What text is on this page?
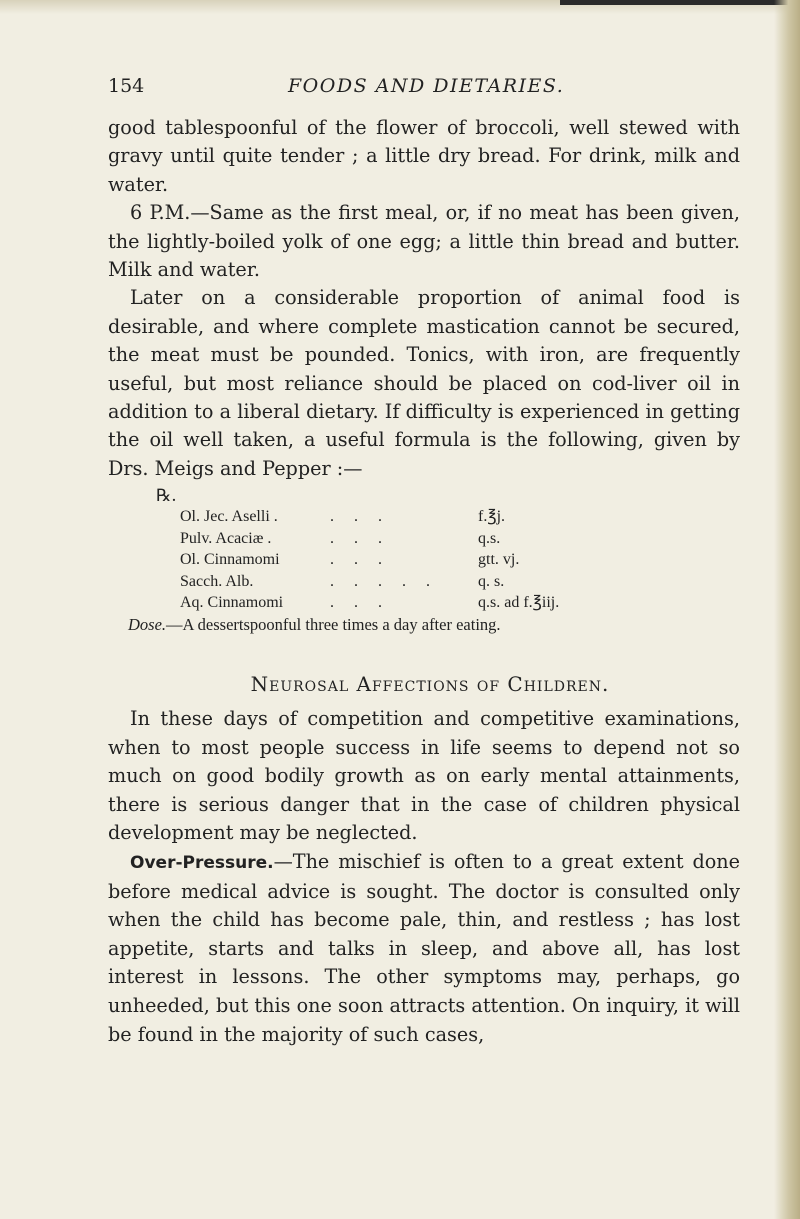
154	FOODS AND DIETARIES.

good tablespoonful of the flower of broccoli, well stewed with gravy until quite tender ; a little dry bread. For drink, milk and water.

6 P.M.—Same as the first meal, or, if no meat has been given, the lightly-boiled yolk of one egg; a little thin bread and butter. Milk and water.

Later on a considerable proportion of animal food is desirable, and where complete mastication cannot be secured, the meat must be pounded. Tonics, with iron, are frequently useful, but most reliance should be placed on cod-liver oil in addition to a liberal dietary. If difficulty is experienced in getting the oil well taken, a useful formula is the following, given by Drs. Meigs and Pepper :—

℞.
Ol. Jec. Aselli .	. . .	f.℥j.
Pulv. Acaciæ .	. . .	q.s.
Ol. Cinnamomi	. . .	gtt. vj.
Sacch. Alb.	. . . . .	q. s.
Aq. Cinnamomi	. . .	q.s. ad f.℥iij.
Dose.—A dessertspoonful three times a day after eating.
Neurosal Affections of Children.

In these days of competition and competitive examinations, when to most people success in life seems to depend not so much on good bodily growth as on early mental attainments, there is serious danger that in the case of children physical development may be neglected.

Over-Pressure.—The mischief is often to a great extent done before medical advice is sought. The doctor is consulted only when the child has become pale, thin, and restless ; has lost appetite, starts and talks in sleep, and above all, has lost interest in lessons. The other symptoms may, perhaps, go unheeded, but this one soon attracts attention. On inquiry, it will be found in the majority of such cases,
